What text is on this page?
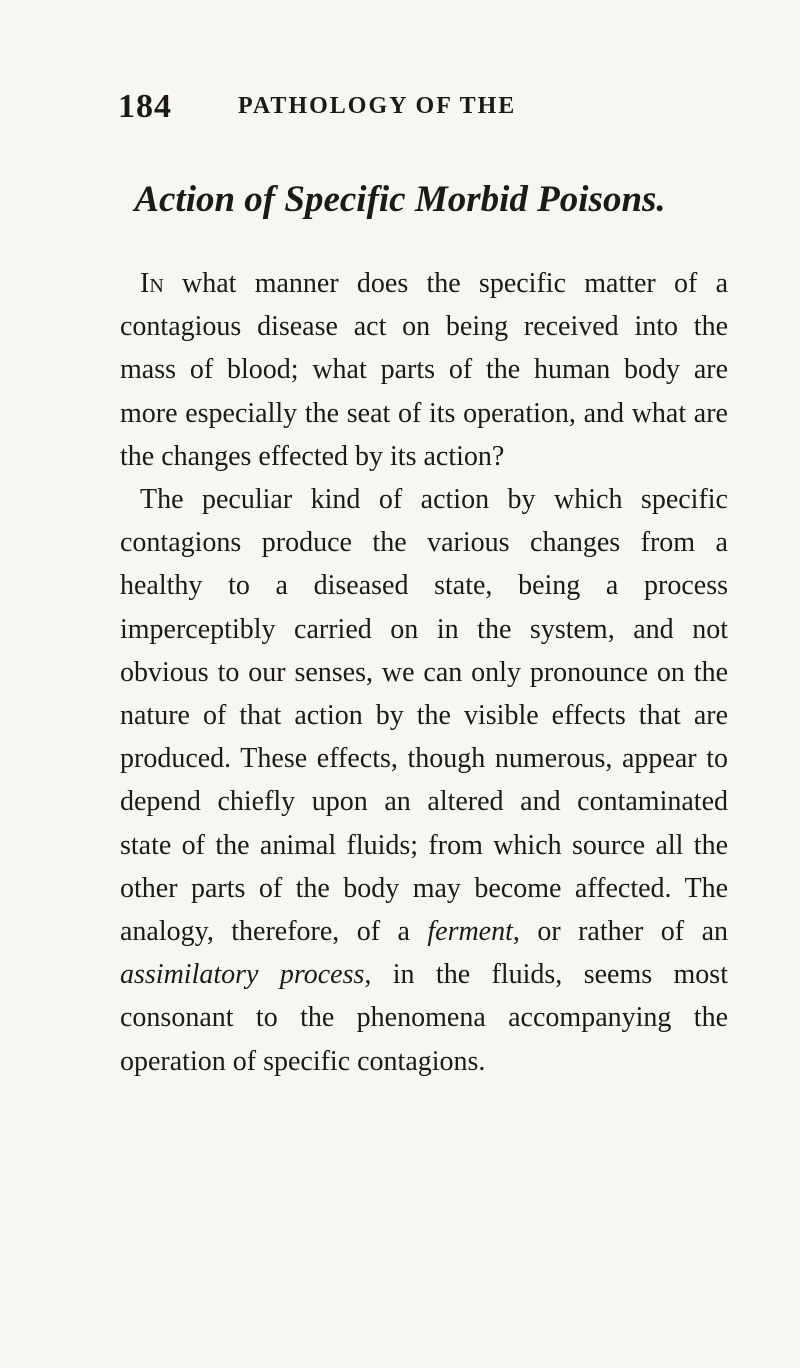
184	PATHOLOGY OF THE
Action of Specific Morbid Poisons.

In what manner does the specific matter of a contagious disease act on being received into the mass of blood; what parts of the human body are more especially the seat of its operation, and what are the changes effected by its action?

The peculiar kind of action by which specific contagions produce the various changes from a healthy to a diseased state, being a process imperceptibly carried on in the system, and not obvious to our senses, we can only pronounce on the nature of that action by the visible effects that are produced. These effects, though numerous, appear to depend chiefly upon an altered and contaminated state of the animal fluids; from which source all the other parts of the body may become affected. The analogy, therefore, of a ferment, or rather of an assimilatory process, in the fluids, seems most consonant to the phenomena accompanying the operation of specific contagions.
